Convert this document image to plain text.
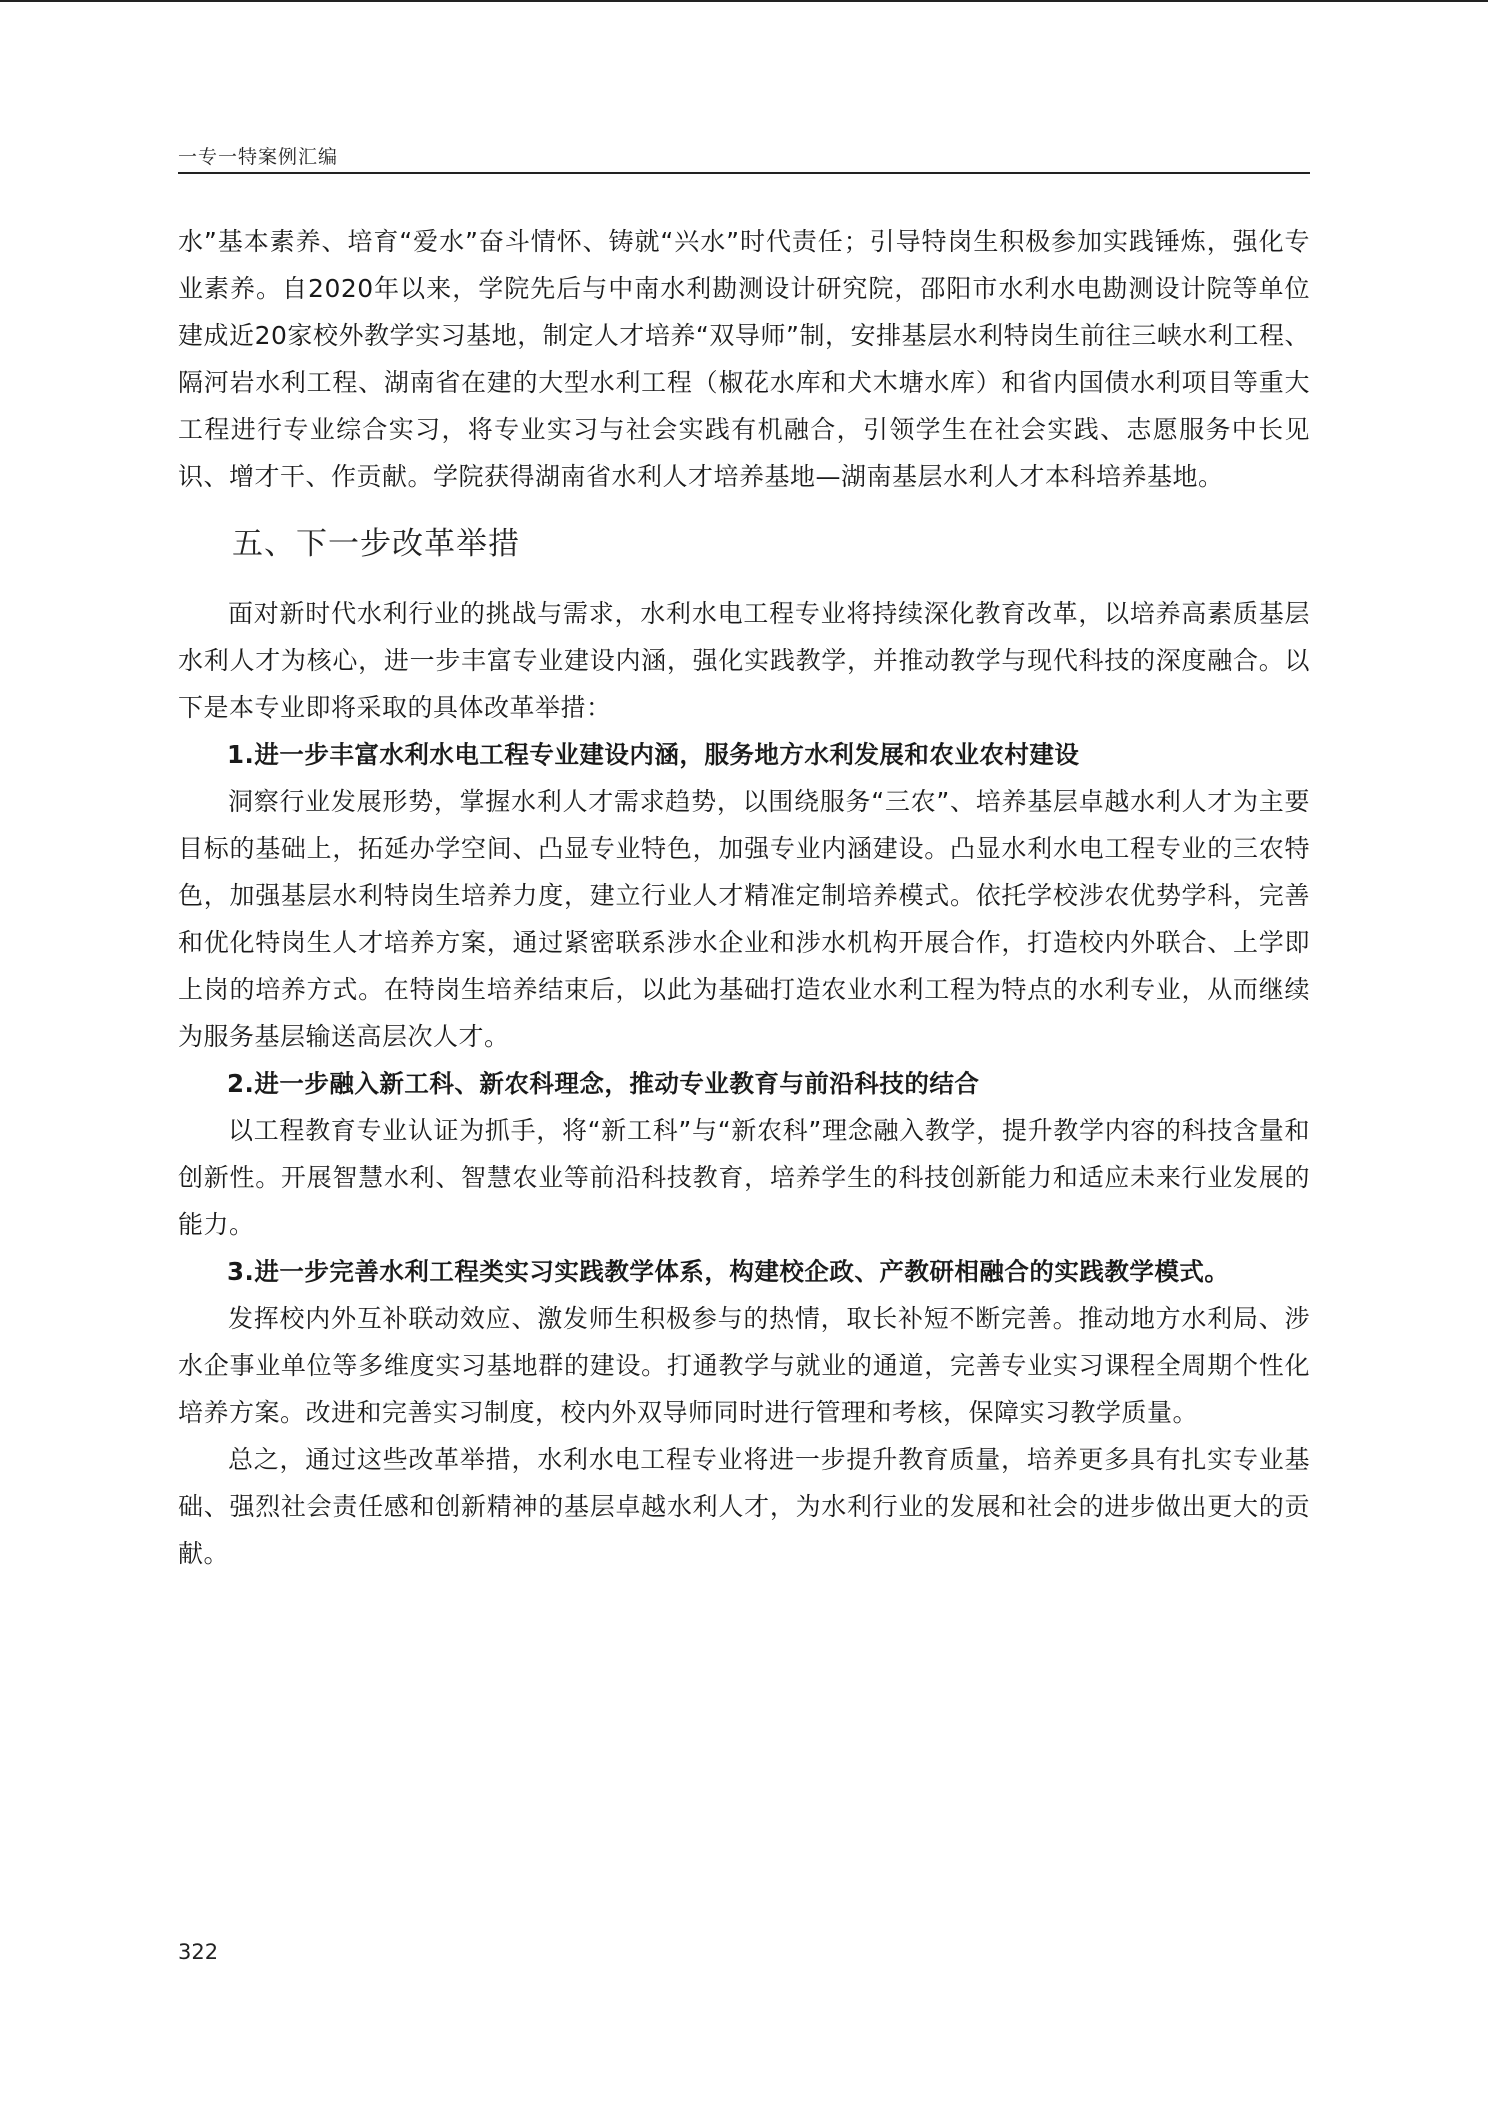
一专一特案例汇编

水”基本素养、培育“爱水”奋斗情怀、铸就“兴水”时代责任；引导特岗生积极参加实践锤炼，强化专业素养。自2020年以来，学院先后与中南水利勘测设计研究院，邵阳市水利水电勘测设计院等单位建成近20家校外教学实习基地，制定人才培养“双导师”制，安排基层水利特岗生前往三峡水利工程、隔河岩水利工程、湖南省在建的大型水利工程（椒花水库和犬木塘水库）和省内国债水利项目等重大工程进行专业综合实习，将专业实习与社会实践有机融合，引领学生在社会实践、志愿服务中长见识、增才干、作贡献。学院获得湖南省水利人才培养基地—湖南基层水利人才本科培养基地。

五、下一步改革举措

面对新时代水利行业的挑战与需求，水利水电工程专业将持续深化教育改革，以培养高素质基层水利人才为核心，进一步丰富专业建设内涵，强化实践教学，并推动教学与现代科技的深度融合。以下是本专业即将采取的具体改革举措：

1.进一步丰富水利水电工程专业建设内涵，服务地方水利发展和农业农村建设

洞察行业发展形势，掌握水利人才需求趋势，以围绕服务“三农”、培养基层卓越水利人才为主要目标的基础上，拓延办学空间、凸显专业特色，加强专业内涵建设。凸显水利水电工程专业的三农特色，加强基层水利特岗生培养力度，建立行业人才精准定制培养模式。依托学校涉农优势学科，完善和优化特岗生人才培养方案，通过紧密联系涉水企业和涉水机构开展合作，打造校内外联合、上学即上岗的培养方式。在特岗生培养结束后，以此为基础打造农业水利工程为特点的水利专业，从而继续为服务基层输送高层次人才。

2.进一步融入新工科、新农科理念，推动专业教育与前沿科技的结合

以工程教育专业认证为抓手，将“新工科”与“新农科”理念融入教学，提升教学内容的科技含量和创新性。开展智慧水利、智慧农业等前沿科技教育，培养学生的科技创新能力和适应未来行业发展的能力。

3.进一步完善水利工程类实习实践教学体系，构建校企政、产教研相融合的实践教学模式。

发挥校内外互补联动效应、激发师生积极参与的热情，取长补短不断完善。推动地方水利局、涉水企事业单位等多维度实习基地群的建设。打通教学与就业的通道，完善专业实习课程全周期个性化培养方案。改进和完善实习制度，校内外双导师同时进行管理和考核，保障实习教学质量。

总之，通过这些改革举措，水利水电工程专业将进一步提升教育质量，培养更多具有扎实专业基础、强烈社会责任感和创新精神的基层卓越水利人才，为水利行业的发展和社会的进步做出更大的贡献。

322
